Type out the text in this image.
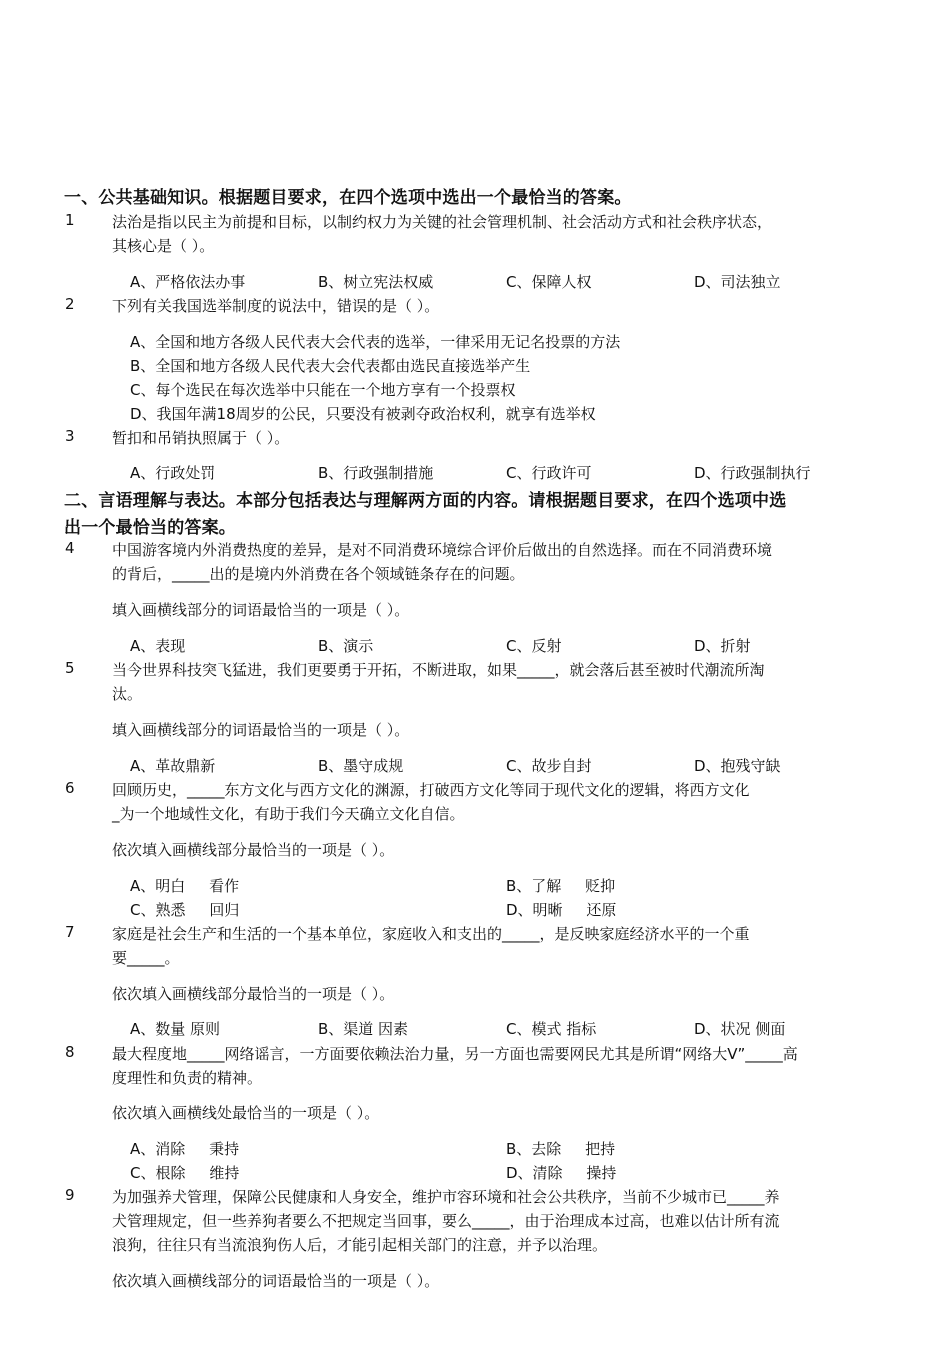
一、公共基础知识。根据题目要求，在四个选项中选出一个最恰当的答案。
1 法治是指以民主为前提和目标，以制约权力为关键的社会管理机制、社会活动方式和社会秩序状态，
其核心是（ ）。
A、严格依法办事	B、树立宪法权威	C、保障人权	D、司法独立
2 下列有关我国选举制度的说法中，错误的是（ ）。
A、全国和地方各级人民代表大会代表的选举，一律采用无记名投票的方法
B、全国和地方各级人民代表大会代表都由选民直接选举产生
C、每个选民在每次选举中只能在一个地方享有一个投票权
D、我国年满18周岁的公民，只要没有被剥夺政治权利，就享有选举权
3 暂扣和吊销执照属于（ ）。
A、行政处罚	B、行政强制措施	C、行政许可	D、行政强制执行
二、言语理解与表达。本部分包括表达与理解两方面的内容。请根据题目要求，在四个选项中选
出一个最恰当的答案。
4 中国游客境内外消费热度的差异，是对不同消费环境综合评价后做出的自然选择。而在不同消费环境
的背后，_____出的是境内外消费在各个领域链条存在的问题。
填入画横线部分的词语最恰当的一项是（ ）。
A、表现	B、演示	C、反射	D、折射
5 当今世界科技突飞猛进，我们更要勇于开拓，不断进取，如果_____，就会落后甚至被时代潮流所淘
汰。
填入画横线部分的词语最恰当的一项是（ ）。
A、革故鼎新	B、墨守成规	C、故步自封	D、抱残守缺
6 回顾历史，_____东方文化与西方文化的渊源，打破西方文化等同于现代文化的逻辑，将西方文化
_为一个地域性文化，有助于我们今天确立文化自信。
依次填入画横线部分最恰当的一项是（ ）。
A、明白     看作	B、了解     贬抑
C、熟悉     回归	D、明晰     还原
7 家庭是社会生产和生活的一个基本单位，家庭收入和支出的_____，是反映家庭经济水平的一个重
要_____。
依次填入画横线部分最恰当的一项是（ ）。
A、数量 原则	B、渠道 因素	C、模式 指标	D、状况 侧面
8 最大程度地_____网络谣言，一方面要依赖法治力量，另一方面也需要网民尤其是所谓“网络大V”_____高
度理性和负责的精神。
依次填入画横线处最恰当的一项是（ ）。
A、消除     秉持	B、去除     把持
C、根除     维持	D、清除     操持
9 为加强养犬管理，保障公民健康和人身安全，维护市容环境和社会公共秩序，当前不少城市已_____养
犬管理规定，但一些养狗者要么不把规定当回事，要么_____，由于治理成本过高，也难以估计所有流
浪狗，往往只有当流浪狗伤人后，才能引起相关部门的注意，并予以治理。
依次填入画横线部分的词语最恰当的一项是（ ）。
